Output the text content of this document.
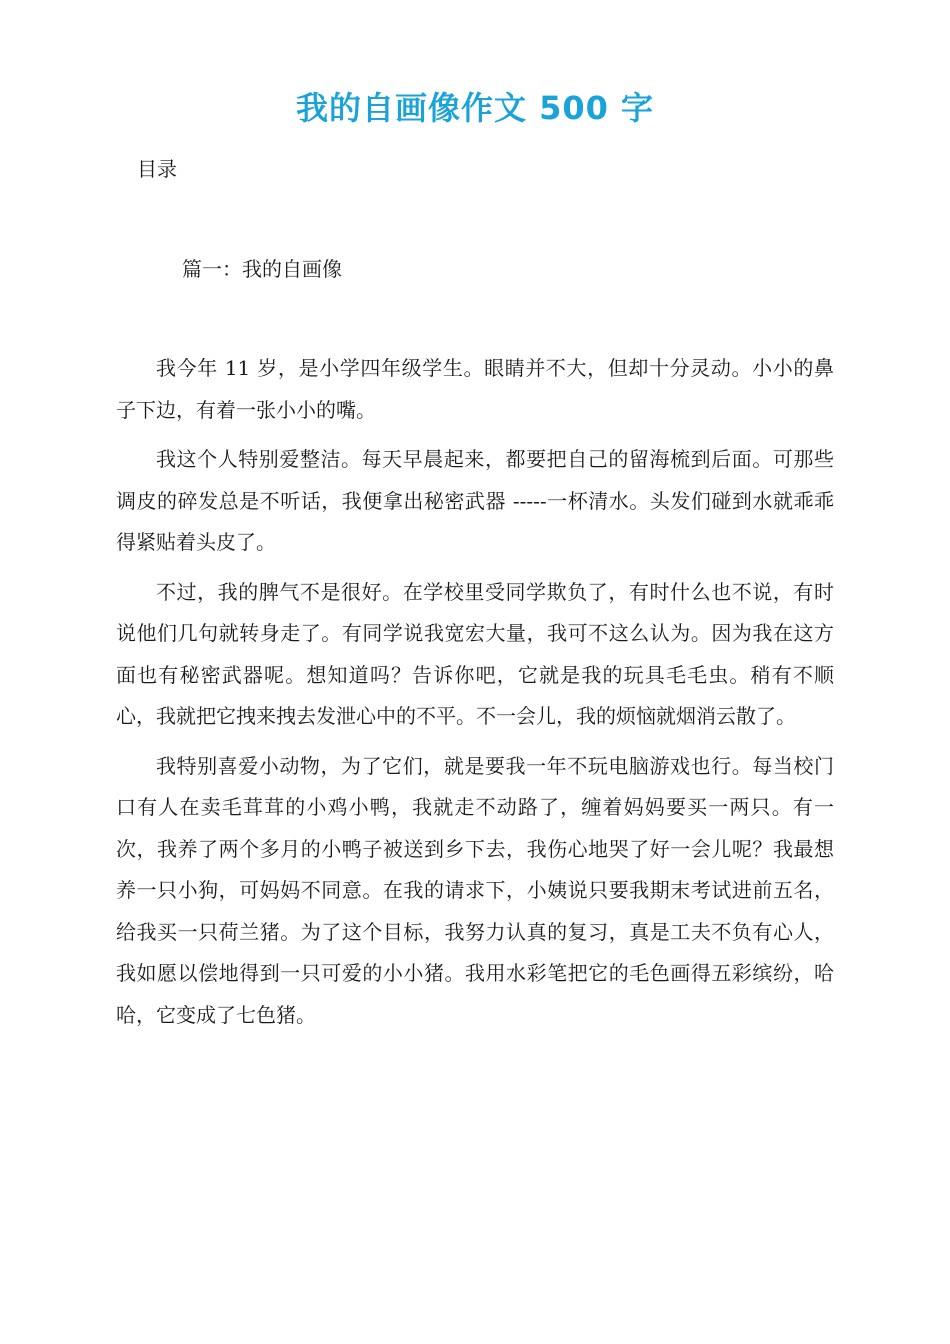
我的自画像作文 500 字
目录
篇一：我的自画像

我今年 11 岁，是小学四年级学生。眼睛并不大，但却十分灵动。小小的鼻子下边，有着一张小小的嘴。

我这个人特别爱整洁。每天早晨起来，都要把自己的留海梳到后面。可那些调皮的碎发总是不听话，我便拿出秘密武器 -----一杯清水。头发们碰到水就乖乖得紧贴着头皮了。

不过，我的脾气不是很好。在学校里受同学欺负了，有时什么也不说，有时说他们几句就转身走了。有同学说我宽宏大量，我可不这么认为。因为我在这方面也有秘密武器呢。想知道吗？告诉你吧，它就是我的玩具毛毛虫。稍有不顺心，我就把它拽来拽去发泄心中的不平。不一会儿，我的烦恼就烟消云散了。

我特别喜爱小动物，为了它们，就是要我一年不玩电脑游戏也行。每当校门口有人在卖毛茸茸的小鸡小鸭，我就走不动路了，缠着妈妈要买一两只。有一次，我养了两个多月的小鸭子被送到乡下去，我伤心地哭了好一会儿呢？我最想养一只小狗，可妈妈不同意。在我的请求下，小姨说只要我期末考试进前五名，给我买一只荷兰猪。为了这个目标，我努力认真的复习，真是工夫不负有心人，我如愿以偿地得到一只可爱的小小猪。我用水彩笔把它的毛色画得五彩缤纷，哈哈，它变成了七色猪。
